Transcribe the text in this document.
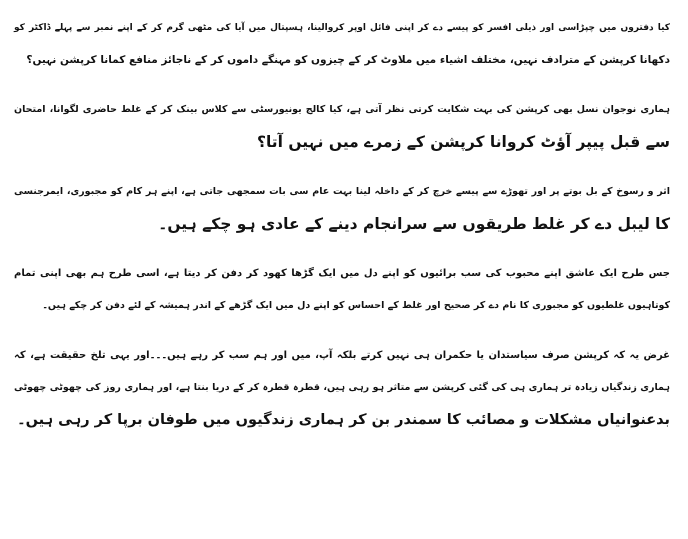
کیا دفتروں میں چپڑاسی اور ذیلی افسر کو پیسے دے کر اپنی فائل اوپر کروالینا، ہسپتال میں آیا کی مٹھی گرم کر کے اپنے نمبر سے پہلے ڈاکٹر کو
دکھانا کرپشن کے مترادف نہیں، مختلف اشیاء میں ملاوٹ کر کے چیزوں کو مہنگے داموں کر کے ناجائز منافع کمانا کرپشن نہیں؟
ہماری نوجوان نسل بھی کرپشن کی بہت شکایت کرتی نظر آتی ہے، کیا کالج یونیورسٹی سے کلاس بینک کر کے غلط حاضری لگوانا، امتحان
سے قبل پیپر آؤٹ کروانا کرپشن کے زمرے میں نہیں آتا؟
اثر و رسوخ کے بل بوتے پر اور تھوڑے سے پیسے خرچ کر کے داخلہ لینا بہت عام سی بات سمجھی جاتی ہے، اپنے ہر کام کو مجبوری، ایمرجنسی
کا لیبل دے کر غلط طریقوں سے سرانجام دینے کے عادی ہو چکے ہیں۔
جس طرح ایک عاشق اپنے محبوب کی سب برائیوں کو اپنے دل میں ایک گڑھا کھود کر دفن کر دیتا ہے، اسی طرح ہم بھی اپنی تمام
کوتاہیوں غلطیوں کو مجبوری کا نام دے کر صحیح اور غلط کے احساس کو اپنے دل میں ایک گڑھے کے اندر ہمیشہ کے لئے دفن کر چکے ہیں۔
غرض یہ کہ کرپشن صرف سیاستدان یا حکمران ہی نہیں کرتے بلکہ آپ، میں اور ہم سب کر رہے ہیں۔۔۔اور یہی تلخ حقیقت ہے، کہ
ہماری زندگیاں زیادہ تر ہماری ہی کی گئی کرپشن سے متاثر ہو رہی ہیں، قطرہ قطرہ کر کے دریا بنتا ہے، اور ہماری روز کی چھوٹی چھوٹی
بدعنوانیاں مشکلات و مصائب کا سمندر بن کر ہماری زندگیوں میں طوفان برپا کر رہی ہیں۔
